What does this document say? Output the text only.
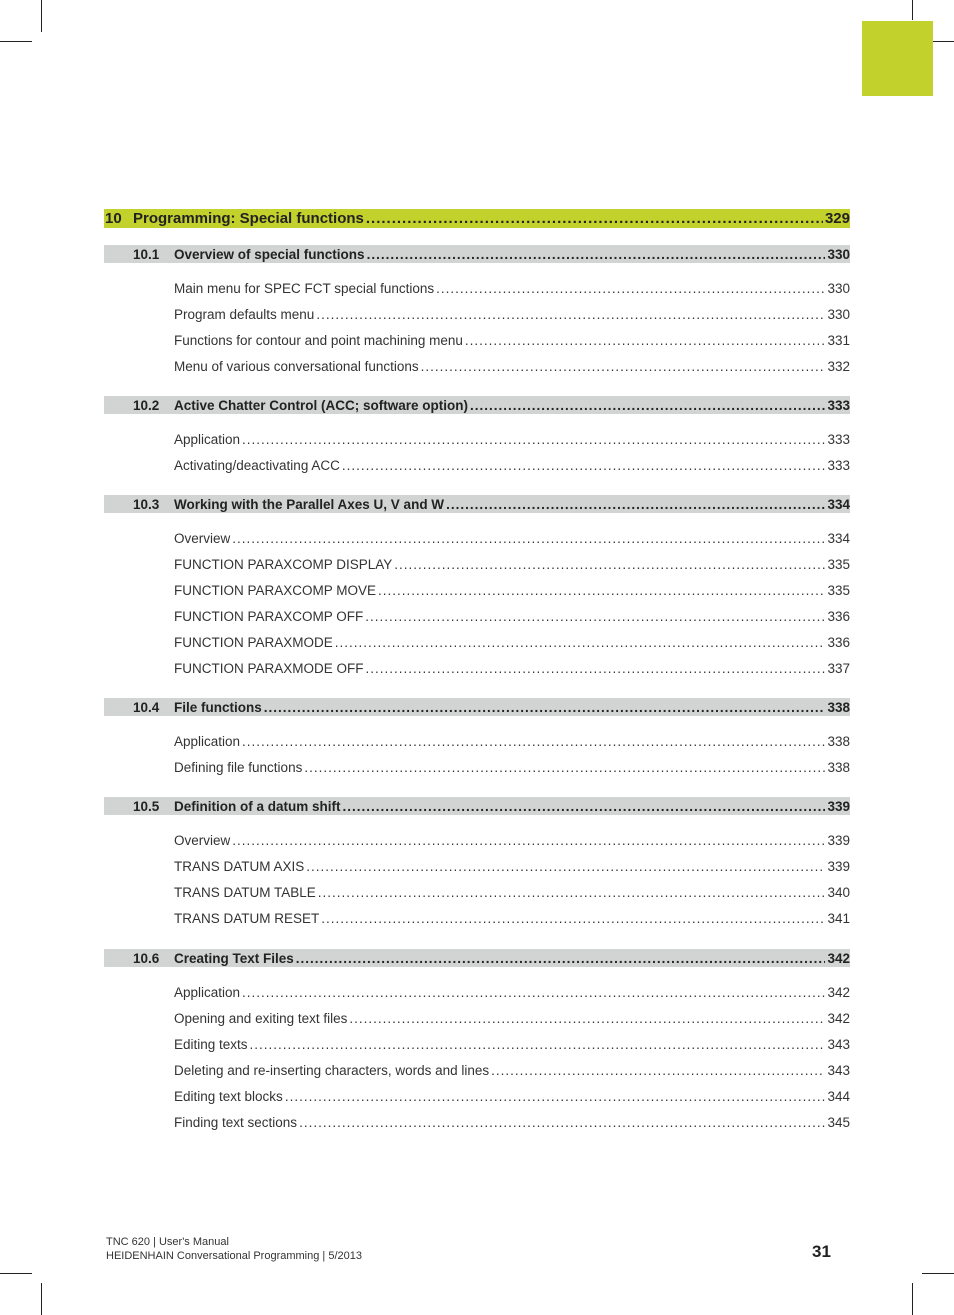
10 Programming: Special functions .....	329
10.1	Overview of special functions .....	330
Main menu for SPEC FCT special functions .....	330
Program defaults menu .....	330
Functions for contour and point machining menu .....	331
Menu of various conversational functions .....	332
10.2	Active Chatter Control (ACC; software option) .....	333
Application .....	333
Activating/deactivating ACC .....	333
10.3	Working with the Parallel Axes U, V and W .....	334
Overview .....	334
FUNCTION PARAXCOMP DISPLAY .....	335
FUNCTION PARAXCOMP MOVE .....	335
FUNCTION PARAXCOMP OFF .....	336
FUNCTION PARAXMODE .....	336
FUNCTION PARAXMODE OFF .....	337
10.4	File functions .....	338
Application .....	338
Defining file functions .....	338
10.5	Definition of a datum shift .....	339
Overview .....	339
TRANS DATUM AXIS .....	339
TRANS DATUM TABLE .....	340
TRANS DATUM RESET .....	341
10.6	Creating Text Files .....	342
Application .....	342
Opening and exiting text files .....	342
Editing texts .....	343
Deleting and re-inserting characters, words and lines .....	343
Editing text blocks .....	344
Finding text sections .....	345
TNC 620 | User's Manual
HEIDENHAIN Conversational Programming | 5/2013	31
